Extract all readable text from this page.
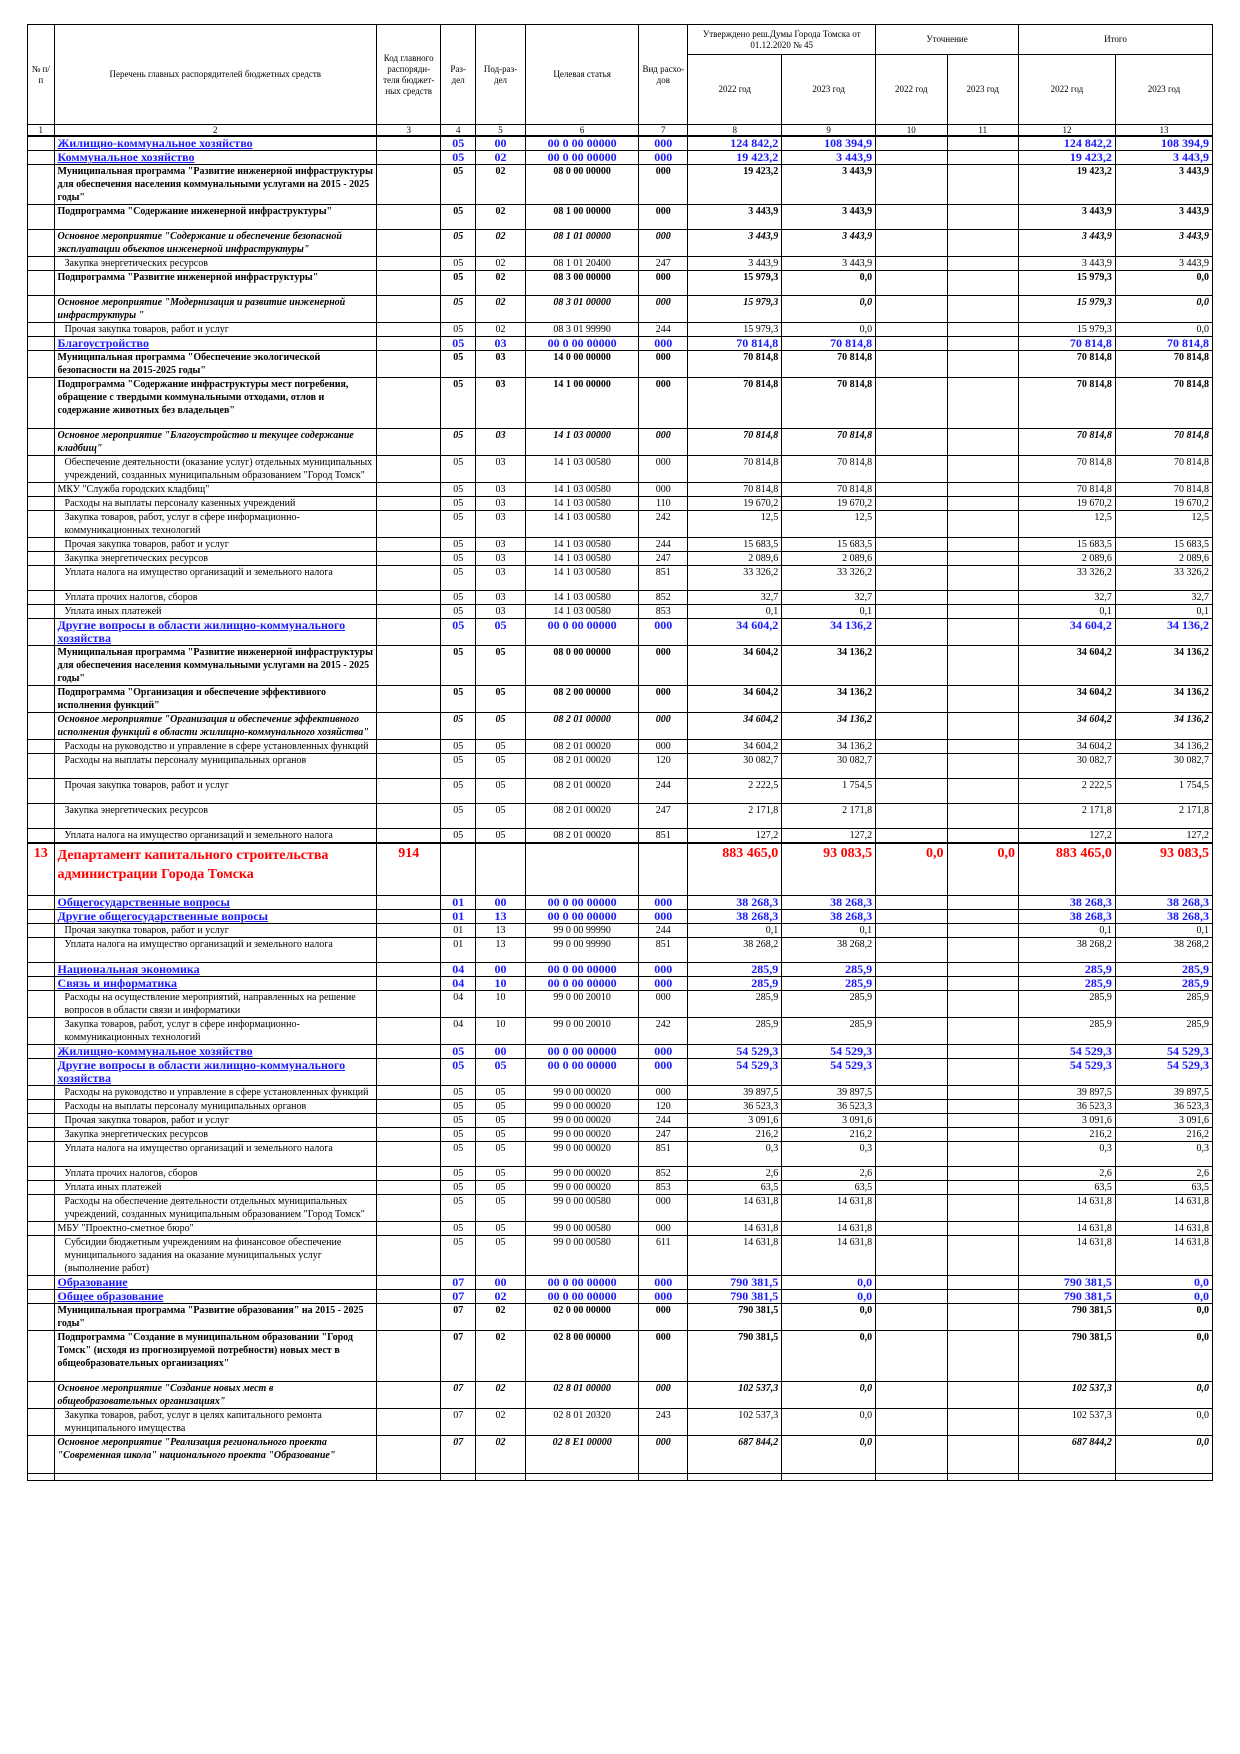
№ п/п	Перечень главных распорядителей бюджетных средств	Код главного распоряди-теля бюджет-ных средств	Раз-дел	Под-раз-дел	Целевая статья	Вид расхо-дов	Утверждено реш.Думы Города Томска от 01.12.2020 № 45		Уточнение		Итого	
							2022 год	2023 год	2022 год	2023 год	2022 год	2023 год
1	2	3	4	5	6	7	8	9	10	11	12	13
	Жилищно-коммунальное хозяйство		05	00	00 0 00 00000	000	124 842,2	108 394,9			124 842,2	108 394,9
	Коммунальное хозяйство		05	02	00 0 00 00000	000	19 423,2	3 443,9			19 423,2	3 443,9
	Муниципальная программа "Развитие инженерной инфраструктуры для обеспечения населения коммунальными услугами на 2015 - 2025 годы"		05	02	08 0 00 00000	000	19 423,2	3 443,9			19 423,2	3 443,9
	Подпрограмма "Содержание инженерной инфраструктуры"		05	02	08 1 00 00000	000	3 443,9	3 443,9			3 443,9	3 443,9
	Основное мероприятие "Содержание и обеспечение безопасной эксплуатации объектов инженерной инфраструктуры"		05	02	08 1 01 00000	000	3 443,9	3 443,9			3 443,9	3 443,9
	Закупка энергетических ресурсов		05	02	08 1 01 20400	247	3 443,9	3 443,9			3 443,9	3 443,9
	Подпрограмма "Развитие инженерной инфраструктуры"		05	02	08 3 00 00000	000	15 979,3	0,0			15 979,3	0,0
	Основное мероприятие "Модернизация и развитие инженерной инфраструктуры "		05	02	08 3 01 00000	000	15 979,3	0,0			15 979,3	0,0
	Прочая закупка товаров, работ и услуг		05	02	08 3 01 99990	244	15 979,3	0,0			15 979,3	0,0
	Благоустройство		05	03	00 0 00 00000	000	70 814,8	70 814,8			70 814,8	70 814,8
	Муниципальная программа "Обеспечение экологической безопасности на 2015-2025 годы"		05	03	14 0 00 00000	000	70 814,8	70 814,8			70 814,8	70 814,8
	Подпрограмма "Содержание инфраструктуры мест погребения, обращение с твердыми коммунальными отходами, отлов и содержание животных без владельцев"		05	03	14 1 00 00000	000	70 814,8	70 814,8			70 814,8	70 814,8
	Основное мероприятие "Благоустройство и текущее содержание кладбищ"		05	03	14 1 03 00000	000	70 814,8	70 814,8			70 814,8	70 814,8
	Обеспечение деятельности (оказание услуг) отдельных муниципальных учреждений, созданных муниципальным образованием "Город Томск"		05	03	14 1 03 00580	000	70 814,8	70 814,8			70 814,8	70 814,8
	МКУ "Служба городских кладбищ"		05	03	14 1 03 00580	000	70 814,8	70 814,8			70 814,8	70 814,8
	Расходы на выплаты персоналу казенных учреждений		05	03	14 1 03 00580	110	19 670,2	19 670,2			19 670,2	19 670,2
	Закупка товаров, работ, услуг в сфере информационно-коммуникационных технологий		05	03	14 1 03 00580	242	12,5	12,5			12,5	12,5
	Прочая закупка товаров, работ и услуг		05	03	14 1 03 00580	244	15 683,5	15 683,5			15 683,5	15 683,5
	Закупка энергетических ресурсов		05	03	14 1 03 00580	247	2 089,6	2 089,6			2 089,6	2 089,6
	Уплата налога на имущество организаций и земельного налога		05	03	14 1 03 00580	851	33 326,2	33 326,2			33 326,2	33 326,2
	Уплата прочих налогов, сборов		05	03	14 1 03 00580	852	32,7	32,7			32,7	32,7
	Уплата иных платежей		05	03	14 1 03 00580	853	0,1	0,1			0,1	0,1
	Другие вопросы в области жилищно-коммунального хозяйства		05	05	00 0 00 00000	000	34 604,2	34 136,2			34 604,2	34 136,2
	Муниципальная программа "Развитие инженерной инфраструктуры для обеспечения населения коммунальными услугами на 2015 - 2025 годы"		05	05	08 0 00 00000	000	34 604,2	34 136,2			34 604,2	34 136,2
	Подпрограмма "Организация и обеспечение эффективного исполнения функций"		05	05	08 2 00 00000	000	34 604,2	34 136,2			34 604,2	34 136,2
	Основное мероприятие "Организация и обеспечение эффективного исполнения функций в области жилищно-коммунального хозяйства"		05	05	08 2 01 00000	000	34 604,2	34 136,2			34 604,2	34 136,2
	Расходы на руководство и управление в сфере установленных функций		05	05	08 2 01 00020	000	34 604,2	34 136,2			34 604,2	34 136,2
	Расходы на выплаты персоналу муниципальных органов		05	05	08 2 01 00020	120	30 082,7	30 082,7			30 082,7	30 082,7
	Прочая закупка товаров, работ и услуг		05	05	08 2 01 00020	244	2 222,5	1 754,5			2 222,5	1 754,5
	Закупка энергетических ресурсов		05	05	08 2 01 00020	247	2 171,8	2 171,8			2 171,8	2 171,8
	Уплата налога на имущество организаций и земельного налога		05	05	08 2 01 00020	851	127,2	127,2			127,2	127,2
13	Департамент капитального строительства администрации Города Томска	914					883 465,0	93 083,5	0,0	0,0	883 465,0	93 083,5
	Общегосударственные вопросы		01	00	00 0 00 00000	000	38 268,3	38 268,3			38 268,3	38 268,3
	Другие общегосударственные вопросы		01	13	00 0 00 00000	000	38 268,3	38 268,3			38 268,3	38 268,3
	Прочая закупка товаров, работ и услуг		01	13	99 0 00 99990	244	0,1	0,1			0,1	0,1
	Уплата налога на имущество организаций и земельного налога		01	13	99 0 00 99990	851	38 268,2	38 268,2			38 268,2	38 268,2
	Национальная экономика		04	00	00 0 00 00000	000	285,9	285,9			285,9	285,9
	Связь и информатика		04	10	00 0 00 00000	000	285,9	285,9			285,9	285,9
	Расходы на осуществление мероприятий, направленных на решение вопросов в области связи и информатики		04	10	99 0 00 20010	000	285,9	285,9			285,9	285,9
	Закупка товаров, работ, услуг в сфере информационно-коммуникационных технологий		04	10	99 0 00 20010	242	285,9	285,9			285,9	285,9
	Жилищно-коммунальное хозяйство		05	00	00 0 00 00000	000	54 529,3	54 529,3			54 529,3	54 529,3
	Другие вопросы в области жилищно-коммунального хозяйства		05	05	00 0 00 00000	000	54 529,3	54 529,3			54 529,3	54 529,3
	Расходы на руководство и управление в сфере установленных функций		05	05	99 0 00 00020	000	39 897,5	39 897,5			39 897,5	39 897,5
	Расходы на выплаты персоналу муниципальных органов		05	05	99 0 00 00020	120	36 523,3	36 523,3			36 523,3	36 523,3
	Прочая закупка товаров, работ и услуг		05	05	99 0 00 00020	244	3 091,6	3 091,6			3 091,6	3 091,6
	Закупка энергетических ресурсов		05	05	99 0 00 00020	247	216,2	216,2			216,2	216,2
	Уплата налога на имущество организаций и земельного налога		05	05	99 0 00 00020	851	0,3	0,3			0,3	0,3
	Уплата прочих налогов, сборов		05	05	99 0 00 00020	852	2,6	2,6			2,6	2,6
	Уплата иных платежей		05	05	99 0 00 00020	853	63,5	63,5			63,5	63,5
	Расходы на обеспечение деятельности отдельных муниципальных учреждений, созданных муниципальным образованием "Город Томск"		05	05	99 0 00 00580	000	14 631,8	14 631,8			14 631,8	14 631,8
	МБУ "Проектно-сметное бюро"		05	05	99 0 00 00580	000	14 631,8	14 631,8			14 631,8	14 631,8
	Субсидии бюджетным учреждениям на финансовое обеспечение муниципального задания на оказание муниципальных услуг (выполнение работ)		05	05	99 0 00 00580	611	14 631,8	14 631,8			14 631,8	14 631,8
	Образование		07	00	00 0 00 00000	000	790 381,5	0,0			790 381,5	0,0
	Общее образование		07	02	00 0 00 00000	000	790 381,5	0,0			790 381,5	0,0
	Муниципальная программа "Развитие образования" на 2015 - 2025 годы"		07	02	02 0 00 00000	000	790 381,5	0,0			790 381,5	0,0
	Подпрограмма "Создание в муниципальном образовании "Город Томск" (исходя из прогнозируемой потребности) новых мест в общеобразовательных организациях"		07	02	02 8 00 00000	000	790 381,5	0,0			790 381,5	0,0
	Основное мероприятие "Создание новых мест в общеобразовательных организациях"		07	02	02 8 01 00000	000	102 537,3	0,0			102 537,3	0,0
	Закупка товаров, работ, услуг в целях капитального ремонта муниципального имущества		07	02	02 8 01 20320	243	102 537,3	0,0			102 537,3	0,0
	Основное мероприятие "Реализация регионального проекта "Современная школа" национального проекта "Образование"		07	02	02 8 E1 00000	000	687 844,2	0,0			687 844,2	0,0
